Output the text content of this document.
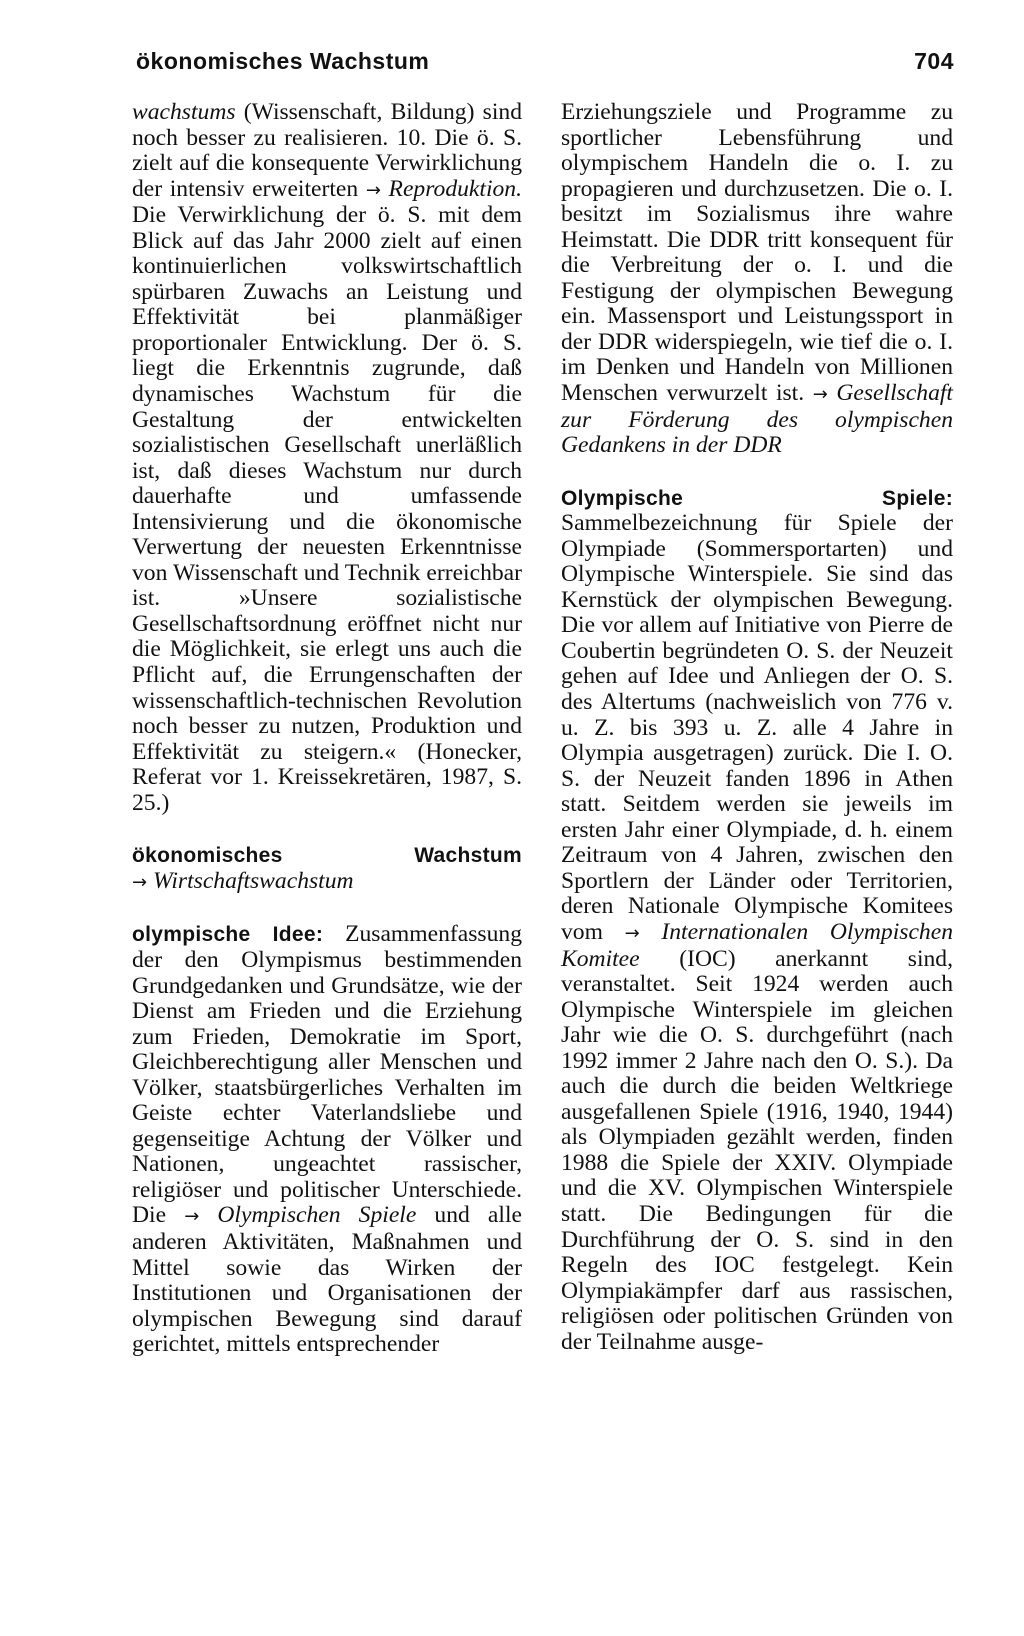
ökonomisches Wachstum	704

wachstums (Wissenschaft, Bildung) sind noch besser zu realisieren. 10. Die ö. S. zielt auf die konsequente Verwirklichung der intensiv erweiterten → Reproduktion. Die Verwirklichung der ö. S. mit dem Blick auf das Jahr 2000 zielt auf einen kontinuierlichen volkswirtschaftlich spürbaren Zuwachs an Leistung und Effektivität bei planmäßiger proportionaler Entwicklung. Der ö. S. liegt die Erkenntnis zugrunde, daß dynamisches Wachstum für die Gestaltung der entwickelten sozialistischen Gesellschaft unerläßlich ist, daß dieses Wachstum nur durch dauerhafte und umfassende Intensivierung und die ökonomische Verwertung der neuesten Erkenntnisse von Wissenschaft und Technik erreichbar ist. »Unsere sozialistische Gesellschaftsordnung eröffnet nicht nur die Möglichkeit, sie erlegt uns auch die Pflicht auf, die Errungenschaften der wissenschaftlich-technischen Revolution noch besser zu nutzen, Produktion und Effektivität zu steigern.« (Honecker, Referat vor 1. Kreissekretären, 1987, S. 25.)

ökonomisches	Wachstum

→ Wirtschaftswachstum

olympische Idee: Zusammenfassung der den Olympismus bestimmenden Grundgedanken und Grundsätze, wie der Dienst am Frieden und die Erziehung zum Frieden, Demokratie im Sport, Gleichberechtigung aller Menschen und Völker, staatsbürgerliches Verhalten im Geiste echter Vaterlandsliebe und gegenseitige Achtung der Völker und Nationen, ungeachtet rassischer, religiöser und politischer Unterschiede. Die → Olympischen Spiele und alle anderen Aktivitäten, Maßnahmen und Mittel sowie das Wirken der Institutionen und Organisationen der olympischen Bewegung sind darauf gerichtet, mittels entsprechender

Erziehungsziele und Programme zu sportlicher Lebensführung und olympischem Handeln die o. I. zu propagieren und durchzusetzen. Die o. I. besitzt im Sozialismus ihre wahre Heimstatt. Die DDR tritt konsequent für die Verbreitung der o. I. und die Festigung der olympischen Bewegung ein. Massensport und Leistungssport in der DDR widerspiegeln, wie tief die o. I. im Denken und Handeln von Millionen Menschen verwurzelt ist. → Gesellschaft zur Förderung des olympischen Gedankens in der DDR

Olympische Spiele: Sammelbezeichnung für Spiele der Olympiade (Sommersportarten) und Olympische Winterspiele. Sie sind das Kernstück der olympischen Bewegung. Die vor allem auf Initiative von Pierre de Coubertin begründeten O. S. der Neuzeit gehen auf Idee und Anliegen der O. S. des Altertums (nachweislich von 776 v. u. Z. bis 393 u. Z. alle 4 Jahre in Olympia ausgetragen) zurück. Die I. O. S. der Neuzeit fanden 1896 in Athen statt. Seitdem werden sie jeweils im ersten Jahr einer Olympiade, d. h. einem Zeitraum von 4 Jahren, zwischen den Sportlern der Länder oder Territorien, deren Nationale Olympische Komitees vom → Internationalen Olympischen Komitee (IOC) anerkannt sind, veranstaltet. Seit 1924 werden auch Olympische Winterspiele im gleichen Jahr wie die O. S. durchgeführt (nach 1992 immer 2 Jahre nach den O. S.). Da auch die durch die beiden Weltkriege ausgefallenen Spiele (1916, 1940, 1944) als Olympiaden gezählt werden, finden 1988 die Spiele der XXIV. Olympiade und die XV. Olympischen Winterspiele statt. Die Bedingungen für die Durchführung der O. S. sind in den Regeln des IOC festgelegt. Kein Olympiakämpfer darf aus rassischen, religiösen oder politischen Gründen von der Teilnahme ausge-
